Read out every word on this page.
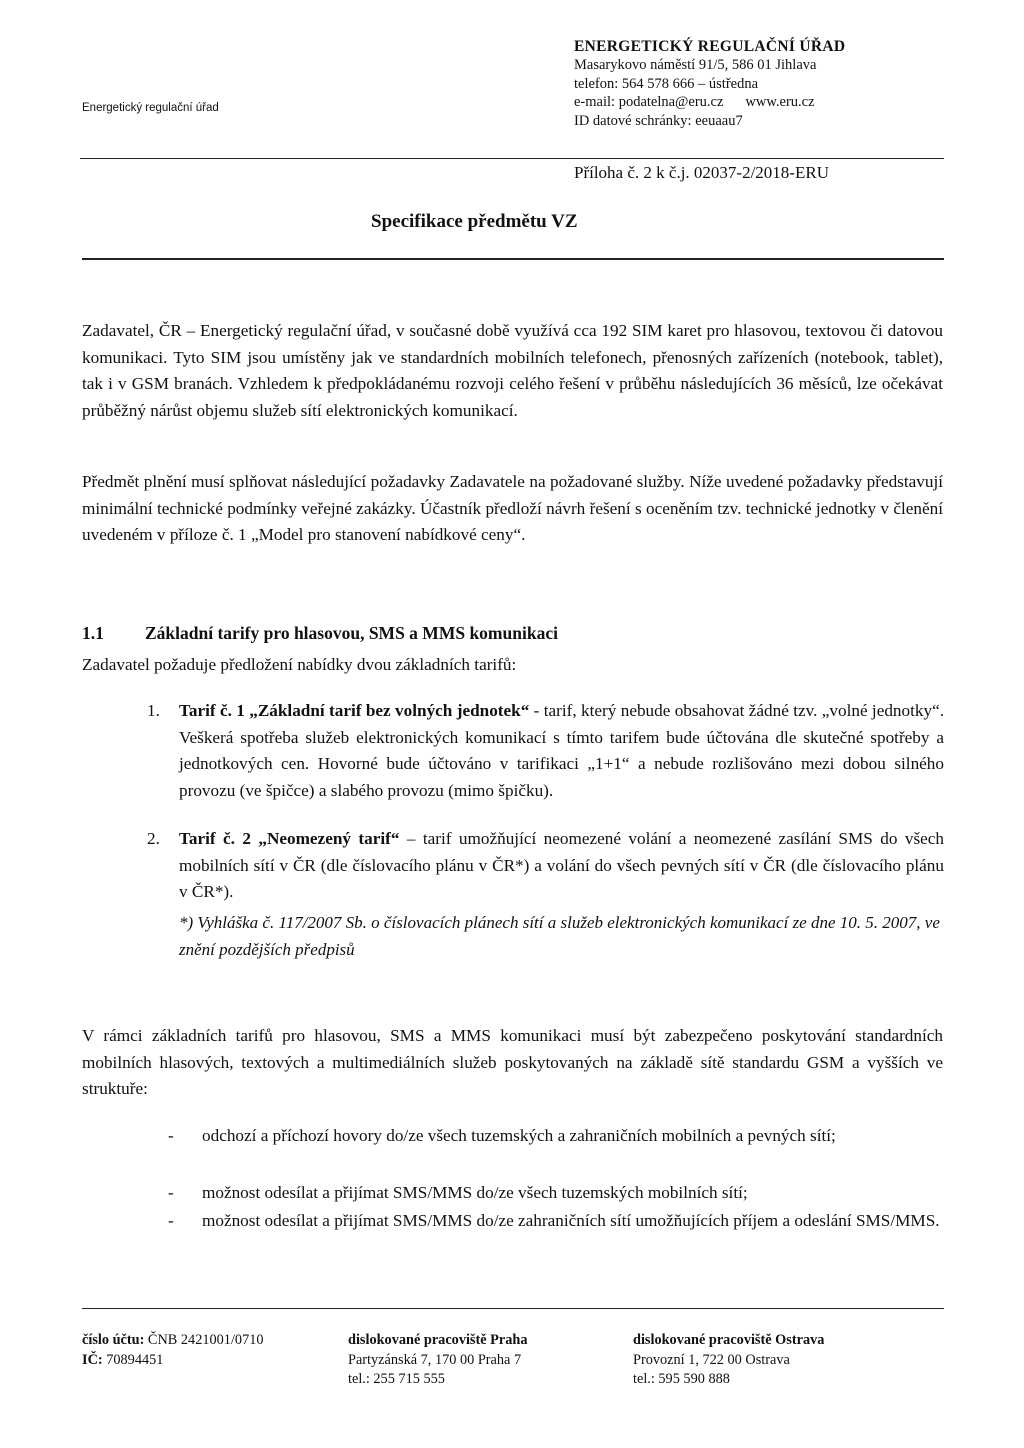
Energetický regulační úřad
ENERGETICKÝ REGULAČNÍ ÚŘAD
Masarykovo náměstí 91/5, 586 01 Jihlava
telefon: 564 578 666 – ústředna
e-mail: podatelna@eru.cz www.eru.cz
ID datové schránky: eeuaau7
Příloha č. 2 k č.j. 02037-2/2018-ERU
Specifikace předmětu VZ
Zadavatel, ČR – Energetický regulační úřad, v současné době využívá cca 192 SIM karet pro hlasovou, textovou či datovou komunikaci. Tyto SIM jsou umístěny jak ve standardních mobilních telefonech, přenosných zařízeních (notebook, tablet), tak i v GSM branách. Vzhledem k předpokládanému rozvoji celého řešení v průběhu následujících 36 měsíců, lze očekávat průběžný nárůst objemu služeb sítí elektronických komunikací.
Předmět plnění musí splňovat následující požadavky Zadavatele na požadované služby. Níže uvedené požadavky představují minimální technické podmínky veřejné zakázky. Účastník předloží návrh řešení s oceněním tzv. technické jednotky v členění uvedeném v příloze č. 1 „Model pro stanovení nabídkové ceny“.
1.1 Základní tarify pro hlasovou, SMS a MMS komunikaci
Zadavatel požaduje předložení nabídky dvou základních tarifů:
1.	Tarif č. 1 „Základní tarif bez volných jednotek“ - tarif, který nebude obsahovat žádné tzv. „volné jednotky“. Veškerá spotřeba služeb elektronických komunikací s tímto tarifem bude účtována dle skutečné spotřeby a jednotkových cen. Hovorné bude účtováno v tarifikaci „1+1“ a nebude rozlišováno mezi dobou silného provozu (ve špičce) a slabého provozu (mimo špičku).
2.	Tarif č. 2 „Neomezený tarif“ – tarif umožňující neomezené volání a neomezené zasílání SMS do všech mobilních sítí v ČR (dle číslovacího plánu v ČR*) a volání do všech pevných sítí v ČR (dle číslovacího plánu v ČR*).
*) Vyhláška č. 117/2007 Sb. o číslovacích plánech sítí a služeb elektronických komunikací ze dne 10. 5. 2007, ve znění pozdějších předpisů
V rámci základních tarifů pro hlasovou, SMS a MMS komunikaci musí být zabezpečeno poskytování standardních mobilních hlasových, textových a multimediálních služeb poskytovaných na základě sítě standardu GSM a vyšších ve struktuře:
- odchozí a příchozí hovory do/ze všech tuzemských a zahraničních mobilních a pevných sítí;
- možnost odesílat a přijímat SMS/MMS do/ze všech tuzemských mobilních sítí;
- možnost odesílat a přijímat SMS/MMS do/ze zahraničních sítí umožňujících příjem a odeslání SMS/MMS.
číslo účtu: ČNB 2421001/0710
IČ: 70894451
dislokované pracoviště Praha
Partyzánská 7, 170 00 Praha 7
tel.: 255 715 555
dislokované pracoviště Ostrava
Provozní 1, 722 00 Ostrava
tel.: 595 590 888
